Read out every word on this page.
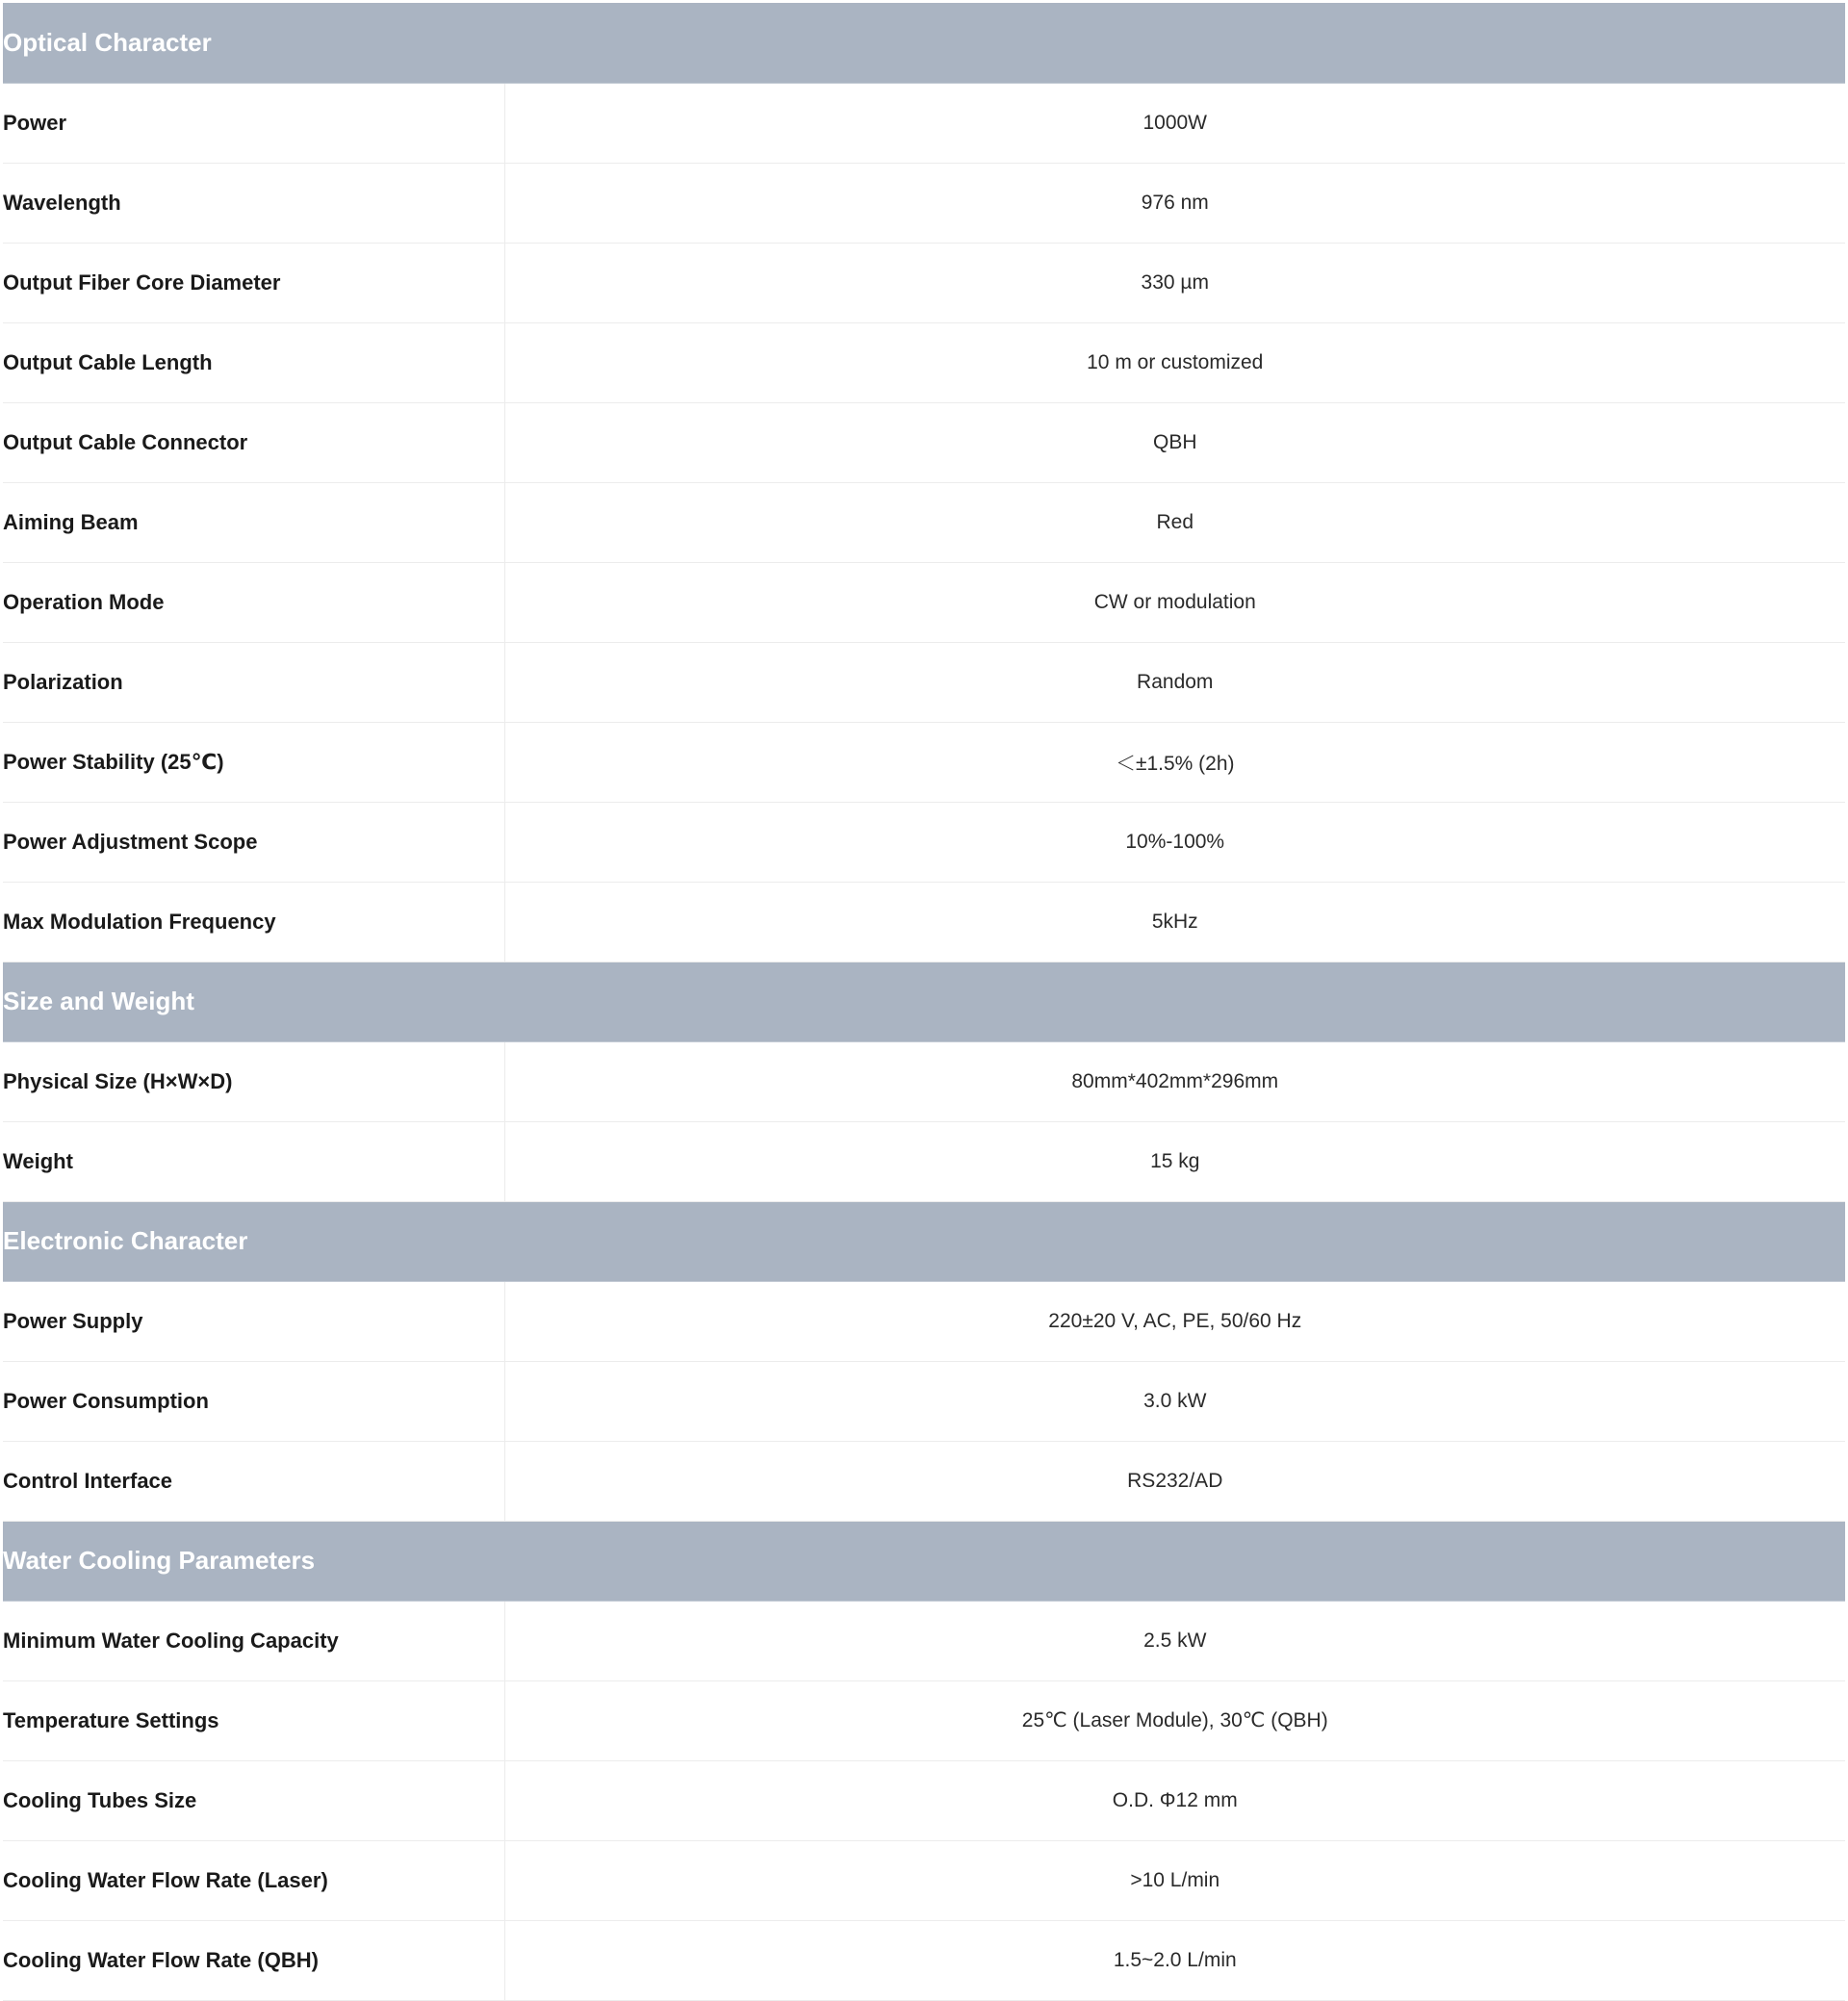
Optical Character	
Power	1000W
Wavelength	976 nm
Output Fiber Core Diameter	330 µm
Output Cable Length	10 m or customized
Output Cable Connector	QBH
Aiming Beam	Red
Operation Mode	CW or modulation
Polarization	Random
Power Stability (25℃)	＜±1.5% (2h)
Power Adjustment Scope	10%-100%
Max Modulation Frequency	5kHz
Size and Weight	
Physical Size (H×W×D)	80mm*402mm*296mm
Weight	15 kg
Electronic Character	
Power Supply	220±20 V, AC, PE, 50/60 Hz
Power Consumption	3.0 kW
Control Interface	RS232/AD
Water Cooling Parameters	
Minimum Water Cooling Capacity	2.5 kW
Temperature Settings	25℃ (Laser Module), 30℃ (QBH)
Cooling Tubes Size	O.D. Φ12 mm
Cooling Water Flow Rate (Laser)	>10 L/min
Cooling Water Flow Rate (QBH)	1.5~2.0 L/min
